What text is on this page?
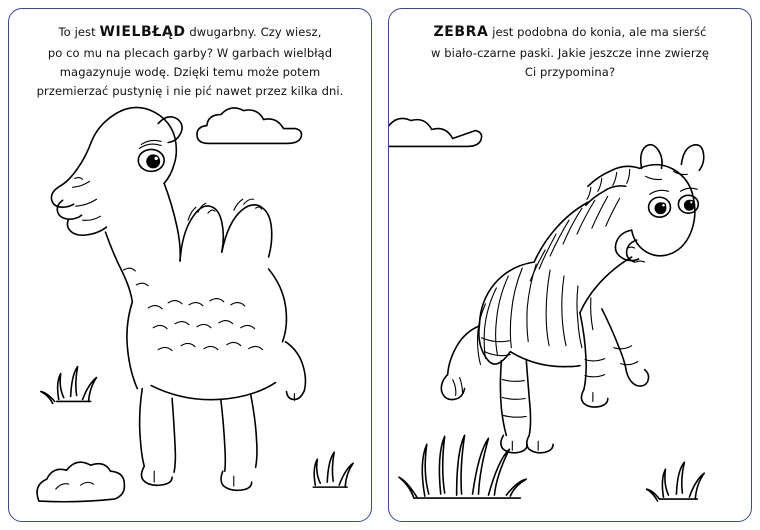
To jest WIELBŁĄD dwugarbny. Czy wiesz,
po co mu na plecach garby? W garbach wielbłąd
magazynuje wodę. Dzięki temu może potem
przemierzać pustynię i nie pić nawet przez kilka dni.
ZEBRA jest podobna do konia, ale ma sierść
w biało-czarne paski. Jakie jeszcze inne zwierzę
Ci przypomina?
